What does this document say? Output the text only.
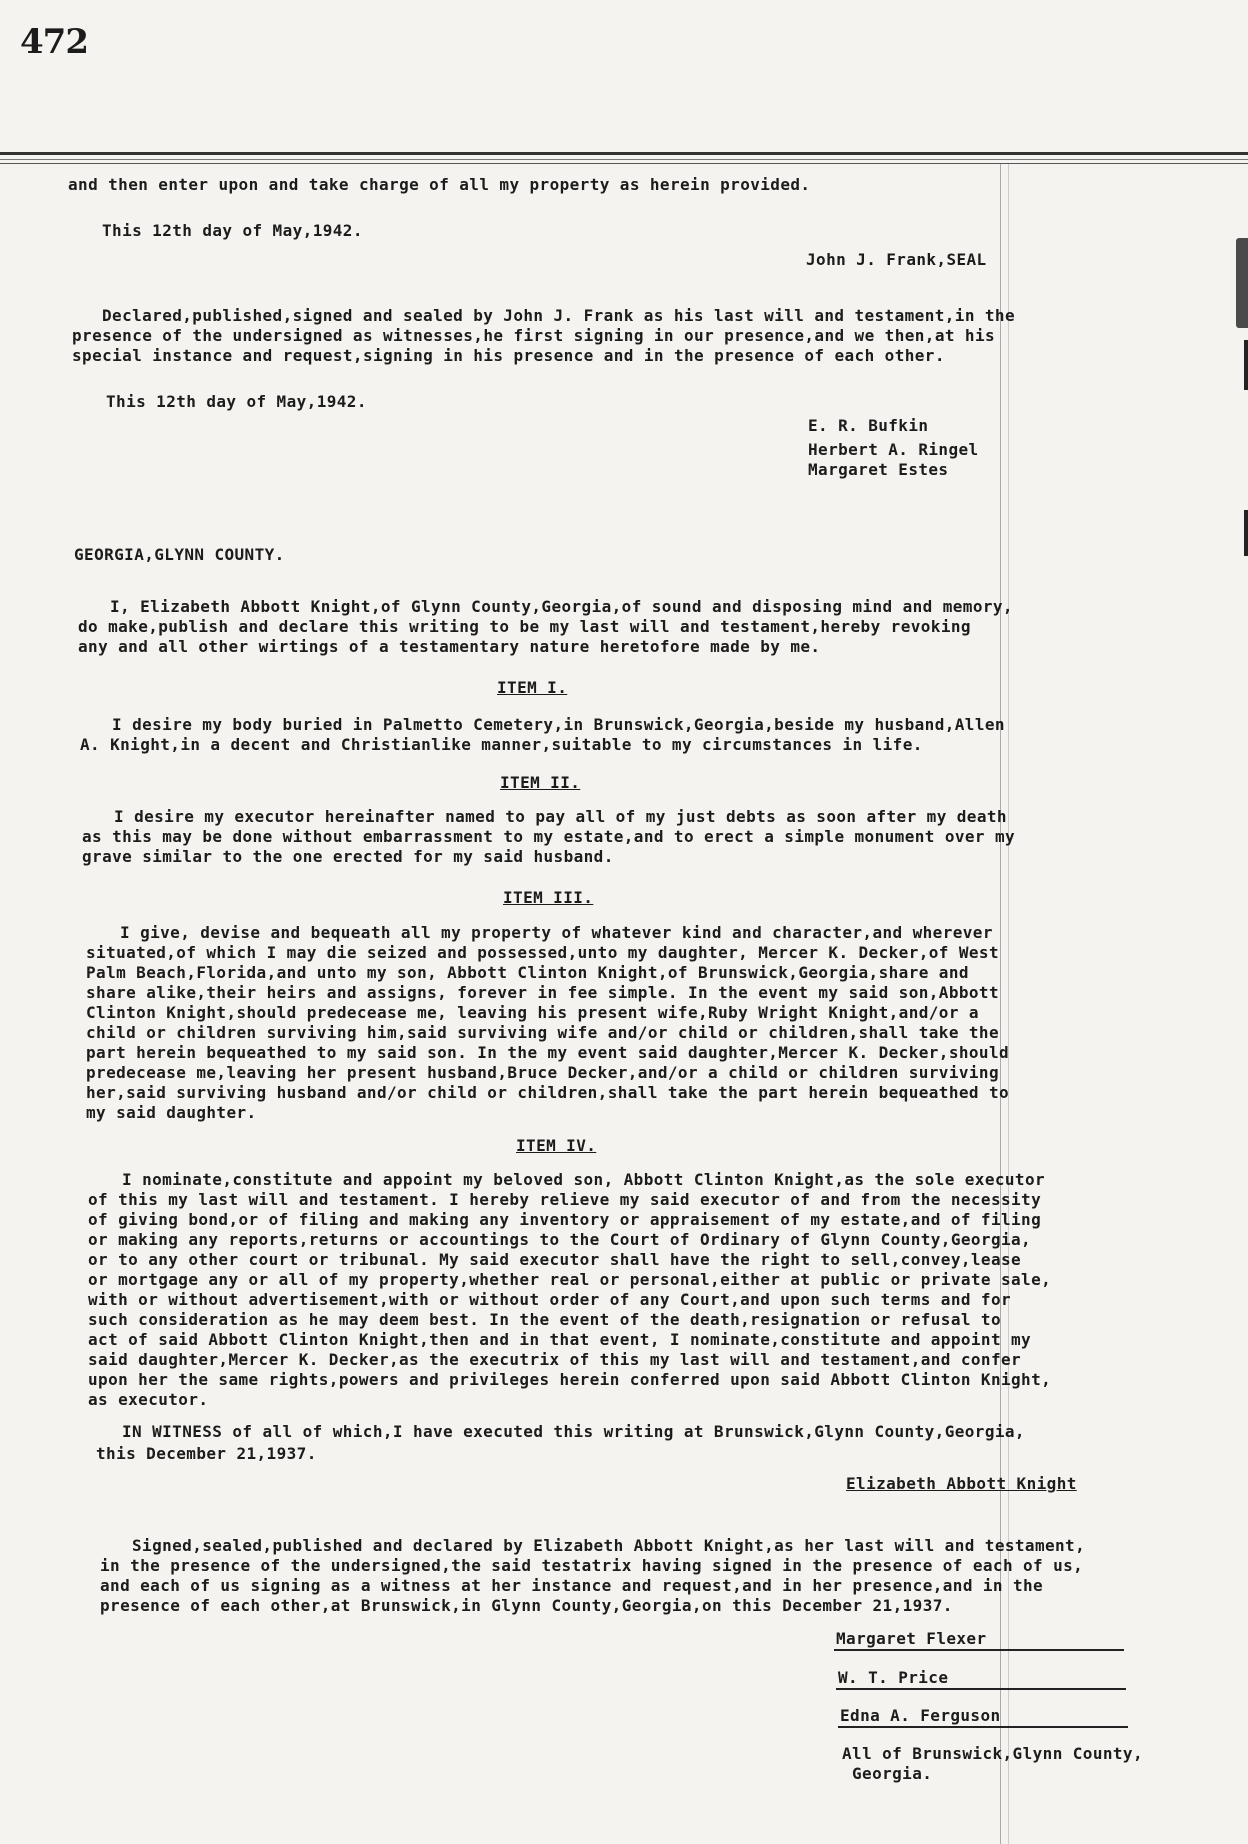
472
and then enter upon and take charge of all my property as herein provided.
This 12th day of May,1942.
John J. Frank,SEAL
Declared,published,signed and sealed by John J. Frank as his last will and testament,in the
presence of the undersigned as witnesses,he first signing in our presence,and we then,at his
special instance and request,signing in his presence and in the presence of each other.
This 12th day of May,1942.
E. R. Bufkin
Herbert A. Ringel
Margaret Estes
GEORGIA,GLYNN COUNTY.
I, Elizabeth Abbott Knight,of Glynn County,Georgia,of sound and disposing mind and memory,
do make,publish and declare this writing to be my last will and testament,hereby revoking
any and all other wirtings of a testamentary nature heretofore made by me.
ITEM I.
I desire my body buried in Palmetto Cemetery,in Brunswick,Georgia,beside my husband,Allen
A. Knight,in a decent and Christianlike manner,suitable to my circumstances in life.
ITEM II.
I desire my executor hereinafter named to pay all of my just debts as soon after my death
as this may be done without embarrassment to my estate,and to erect a simple monument over my
grave similar to the one erected for my said husband.
ITEM III.
I give, devise and bequeath all my property of whatever kind and character,and wherever
situated,of which I may die seized and possessed,unto my daughter, Mercer K. Decker,of West
Palm Beach,Florida,and unto my son, Abbott Clinton Knight,of Brunswick,Georgia,share and
share alike,their heirs and assigns, forever in fee simple. In the event my said son,Abbott
Clinton Knight,should predecease me, leaving his present wife,Ruby Wright Knight,and/or a
child or children surviving him,said surviving wife and/or child or children,shall take the
part herein bequeathed to my said son. In the my event said daughter,Mercer K. Decker,should
predecease me,leaving her present husband,Bruce Decker,and/or a child or children surviving
her,said surviving husband and/or child or children,shall take the part herein bequeathed to
my said daughter.
ITEM IV.
I nominate,constitute and appoint my beloved son, Abbott Clinton Knight,as the sole executor
of this my last will and testament. I hereby relieve my said executor of and from the necessity
of giving bond,or of filing and making any inventory or appraisement of my estate,and of filing
or making any reports,returns or accountings to the Court of Ordinary of Glynn County,Georgia,
or to any other court or tribunal. My said executor shall have the right to sell,convey,lease
or mortgage any or all of my property,whether real or personal,either at public or private sale,
with or without advertisement,with or without order of any Court,and upon such terms and for
such consideration as he may deem best. In the event of the death,resignation or refusal to
act of said Abbott Clinton Knight,then and in that event, I nominate,constitute and appoint my
said daughter,Mercer K. Decker,as the executrix of this my last will and testament,and confer
upon her the same rights,powers and privileges herein conferred upon said Abbott Clinton Knight,
as executor.
IN WITNESS of all of which,I have executed this writing at Brunswick,Glynn County,Georgia,
this December 21,1937.
Elizabeth Abbott Knight
Signed,sealed,published and declared by Elizabeth Abbott Knight,as her last will and testament,
in the presence of the undersigned,the said testatrix having signed in the presence of each of us,
and each of us signing as a witness at her instance and request,and in her presence,and in the
presence of each other,at Brunswick,in Glynn County,Georgia,on this December 21,1937.
Margaret Flexer
W. T. Price
Edna A. Ferguson
All of Brunswick,Glynn County,
Georgia.
